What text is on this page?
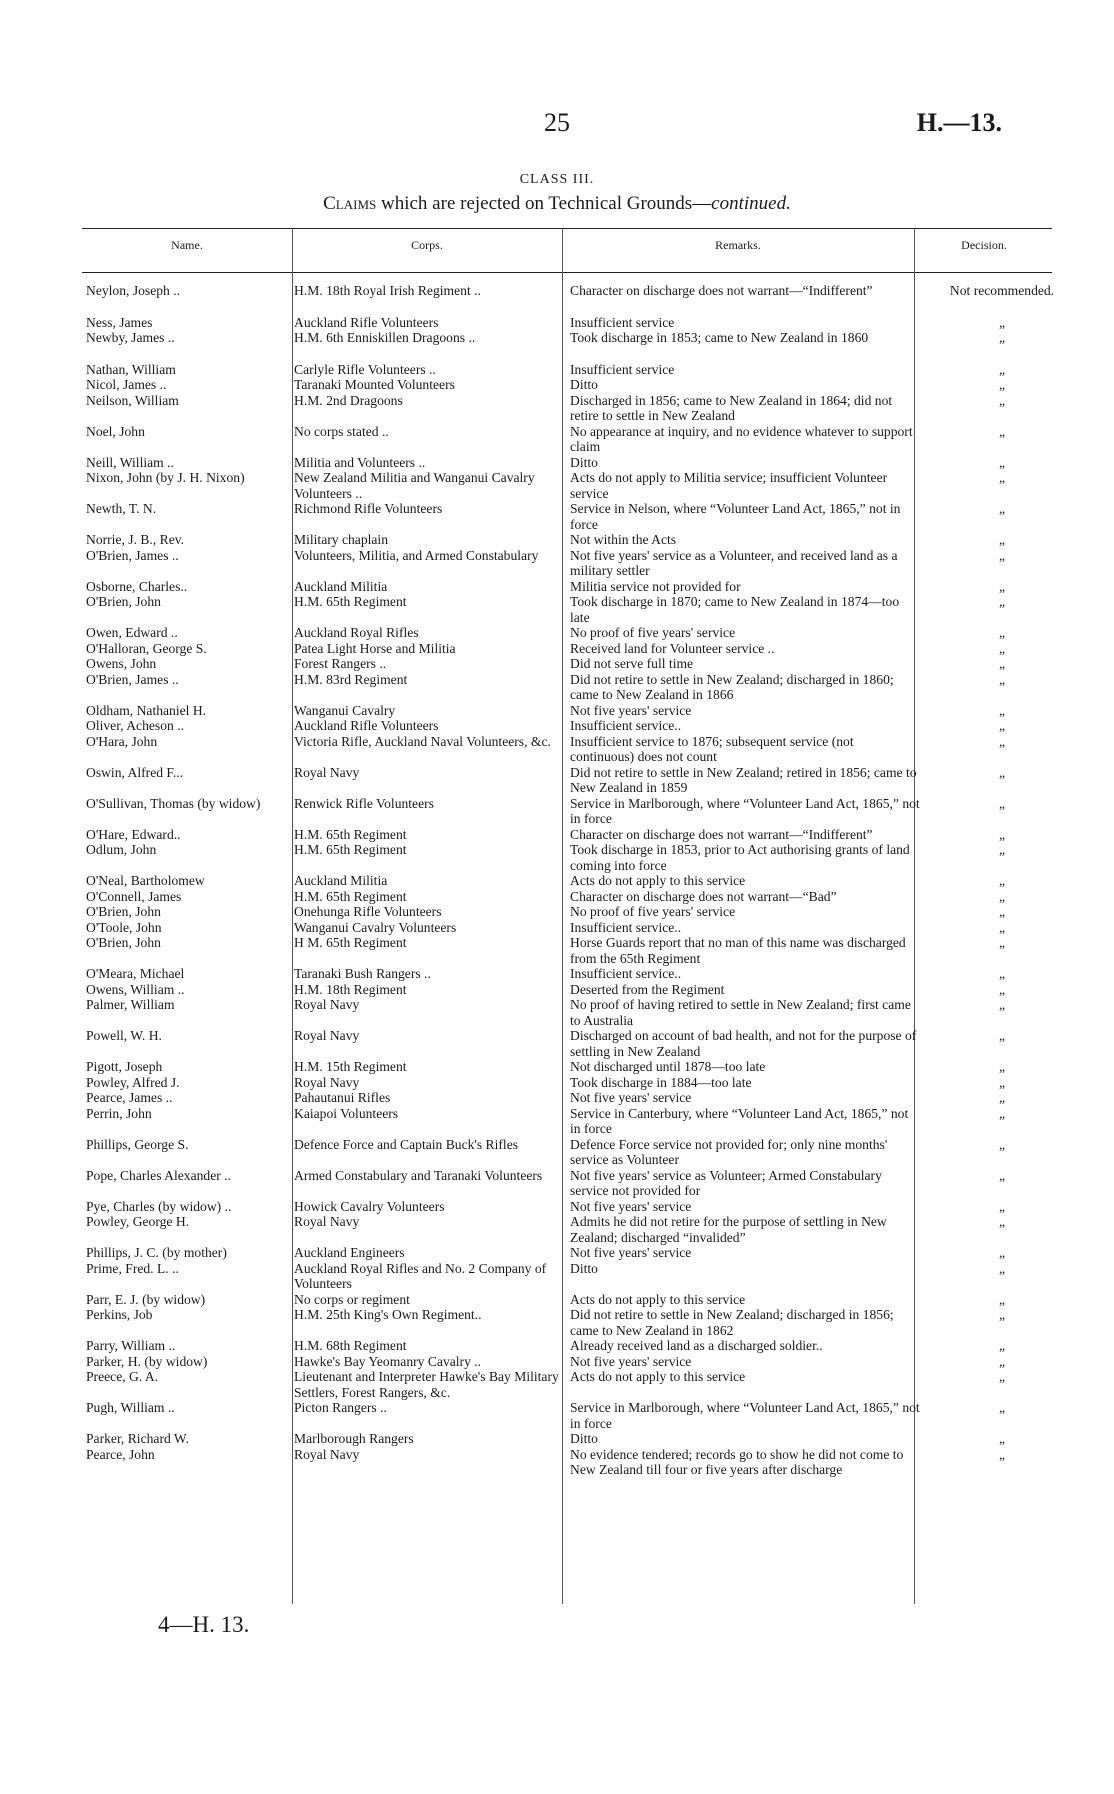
25	H.—13.
CLASS III.
Claims which are rejected on Technical Grounds—continued.
Name.	Corps.	Remarks.	Decision.
Neylon, Joseph ..	H.M. 18th Royal Irish Regiment ..	Character on discharge does not warrant—“Indifferent”	Not recommended.

Ness, James	Auckland Rifle Volunteers	Insufficient service	„
Newby, James ..	H.M. 6th Enniskillen Dragoons ..	Took discharge in 1853; came to New Zealand in 1860	„

Nathan, William	Carlyle Rifle Volunteers ..	Insufficient service	„
Nicol, James ..	Taranaki Mounted Volunteers	Ditto	„
Neilson, William	H.M. 2nd Dragoons	Discharged in 1856; came to New Zealand in 1864; did not retire to settle in New Zealand	„
Noel, John	No corps stated ..	No appearance at inquiry, and no evidence whatever to support claim	„
Neill, William ..	Militia and Volunteers ..	Ditto	„
Nixon, John (by J. H. Nixon)	New Zealand Militia and Wanganui Cavalry Volunteers ..	Acts do not apply to Militia service; insufficient Volunteer service	„
Newth, T. N.	Richmond Rifle Volunteers	Service in Nelson, where “Volunteer Land Act, 1865,” not in force	„
Norrie, J. B., Rev.	Military chaplain	Not within the Acts	„
O'Brien, James ..	Volunteers, Militia, and Armed Constabulary	Not five years' service as a Volunteer, and received land as a military settler	„
Osborne, Charles..	Auckland Militia	Militia service not provided for	„
O'Brien, John	H.M. 65th Regiment	Took discharge in 1870; came to New Zealand in 1874—too late	„
Owen, Edward ..	Auckland Royal Rifles	No proof of five years' service	„
O'Halloran, George S.	Patea Light Horse and Militia	Received land for Volunteer service ..	„
Owens, John	Forest Rangers ..	Did not serve full time	„
O'Brien, James ..	H.M. 83rd Regiment	Did not retire to settle in New Zealand; discharged in 1860; came to New Zealand in 1866	„
Oldham, Nathaniel H.	Wanganui Cavalry	Not five years' service	„
Oliver, Acheson ..	Auckland Rifle Volunteers	Insufficient service..	„
O'Hara, John	Victoria Rifle, Auckland Naval Volunteers, &c.	Insufficient service to 1876; subsequent service (not continuous) does not count	„
Oswin, Alfred F...	Royal Navy	Did not retire to settle in New Zealand; retired in 1856; came to New Zealand in 1859	„
O'Sullivan, Thomas (by widow)	Renwick Rifle Volunteers	Service in Marlborough, where “Volunteer Land Act, 1865,” not in force	„
O'Hare, Edward..	H.M. 65th Regiment	Character on discharge does not warrant—“Indifferent”	„
Odlum, John	H.M. 65th Regiment	Took discharge in 1853, prior to Act authorising grants of land coming into force	„
O'Neal, Bartholomew	Auckland Militia	Acts do not apply to this service	„
O'Connell, James	H.M. 65th Regiment	Character on discharge does not warrant—“Bad”	„
O'Brien, John	Onehunga Rifle Volunteers	No proof of five years' service	„
O'Toole, John	Wanganui Cavalry Volunteers	Insufficient service..	„
O'Brien, John	H M. 65th Regiment	Horse Guards report that no man of this name was discharged from the 65th Regiment	„
O'Meara, Michael	Taranaki Bush Rangers ..	Insufficient service..	„
Owens, William ..	H.M. 18th Regiment	Deserted from the Regiment	„
Palmer, William	Royal Navy	No proof of having retired to settle in New Zealand; first came to Australia	„
Powell, W. H.	Royal Navy	Discharged on account of bad health, and not for the purpose of settling in New Zealand	„
Pigott, Joseph	H.M. 15th Regiment	Not discharged until 1878—too late	„
Powley, Alfred J.	Royal Navy	Took discharge in 1884—too late	„
Pearce, James ..	Pahautanui Rifles	Not five years' service	„
Perrin, John	Kaiapoi Volunteers	Service in Canterbury, where “Volunteer Land Act, 1865,” not in force	„
Phillips, George S.	Defence Force and Captain Buck's Rifles	Defence Force service not provided for; only nine months' service as Volunteer	„
Pope, Charles Alexander ..	Armed Constabulary and Taranaki Volunteers	Not five years' service as Volunteer; Armed Constabulary service not provided for	„
Pye, Charles (by widow) ..	Howick Cavalry Volunteers	Not five years' service	„
Powley, George H.	Royal Navy	Admits he did not retire for the purpose of settling in New Zealand; discharged “invalided”	„
Phillips, J. C. (by mother)	Auckland Engineers	Not five years' service	„
Prime, Fred. L. ..	Auckland Royal Rifles and No. 2 Company of Volunteers	Ditto	„
Parr, E. J. (by widow)	No corps or regiment	Acts do not apply to this service	„
Perkins, Job	H.M. 25th King's Own Regiment..	Did not retire to settle in New Zealand; discharged in 1856; came to New Zealand in 1862	„
Parry, William ..	H.M. 68th Regiment	Already received land as a discharged soldier..	„
Parker, H. (by widow)	Hawke's Bay Yeomanry Cavalry ..	Not five years' service	„
Preece, G. A.	Lieutenant and Interpreter Hawke's Bay Military Settlers, Forest Rangers, &c.	Acts do not apply to this service	„
Pugh, William ..	Picton Rangers ..	Service in Marlborough, where “Volunteer Land Act, 1865,” not in force	„
Parker, Richard W.	Marlborough Rangers	Ditto	„
Pearce, John	Royal Navy	No evidence tendered; records go to show he did not come to New Zealand till four or five years after discharge	„
4—H. 13.
